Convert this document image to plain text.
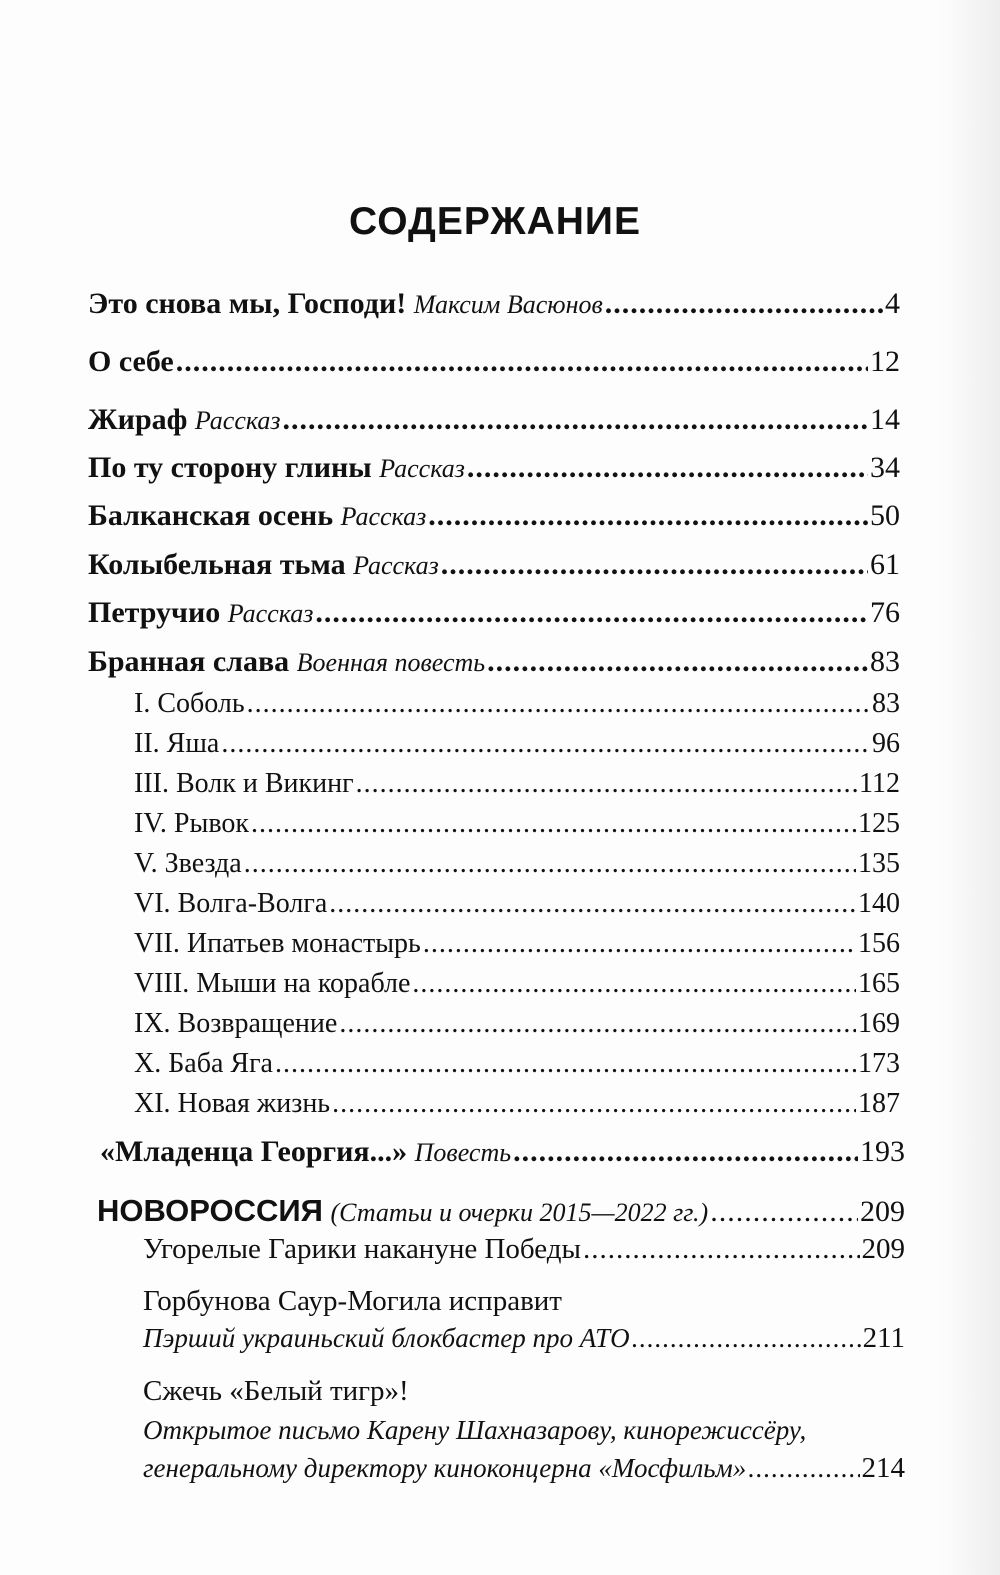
СОДЕРЖАНИЕ
Это снова мы, Господи! Максим Васюнов .....	4
О себе .....	12
Жираф Рассказ .....	14
По ту сторону глины Рассказ .....	34
Балканская осень Рассказ .....	50
Колыбельная тьма Рассказ .....	61
Петручио Рассказ .....	76
Бранная слава Военная повесть .....	83
I. Соболь .....	83
II. Яша .....	96
III. Волк и Викинг .....	112
IV. Рывок .....	125
V. Звезда .....	135
VI. Волга-Волга .....	140
VII. Ипатьев монастырь .....	156
VIII. Мыши на корабле .....	165
IX. Возвращение .....	169
X. Баба Яга .....	173
XI. Новая жизнь .....	187
«Младенца Георгия...» Повесть .....	193
НОВОРОССИЯ (Статьи и очерки 2015—2022 гг.) .....	209
Угорелые Гарики накануне Победы .....	209
Горбунова Саур-Могила исправит
Пэрший украиньский блокбастер про АТО .....	211
Сжечь «Белый тигр»!
Открытое письмо Карену Шахназарову, кинорежиссёру,
генеральному директору киноконцерна «Мосфильм» .....	214
